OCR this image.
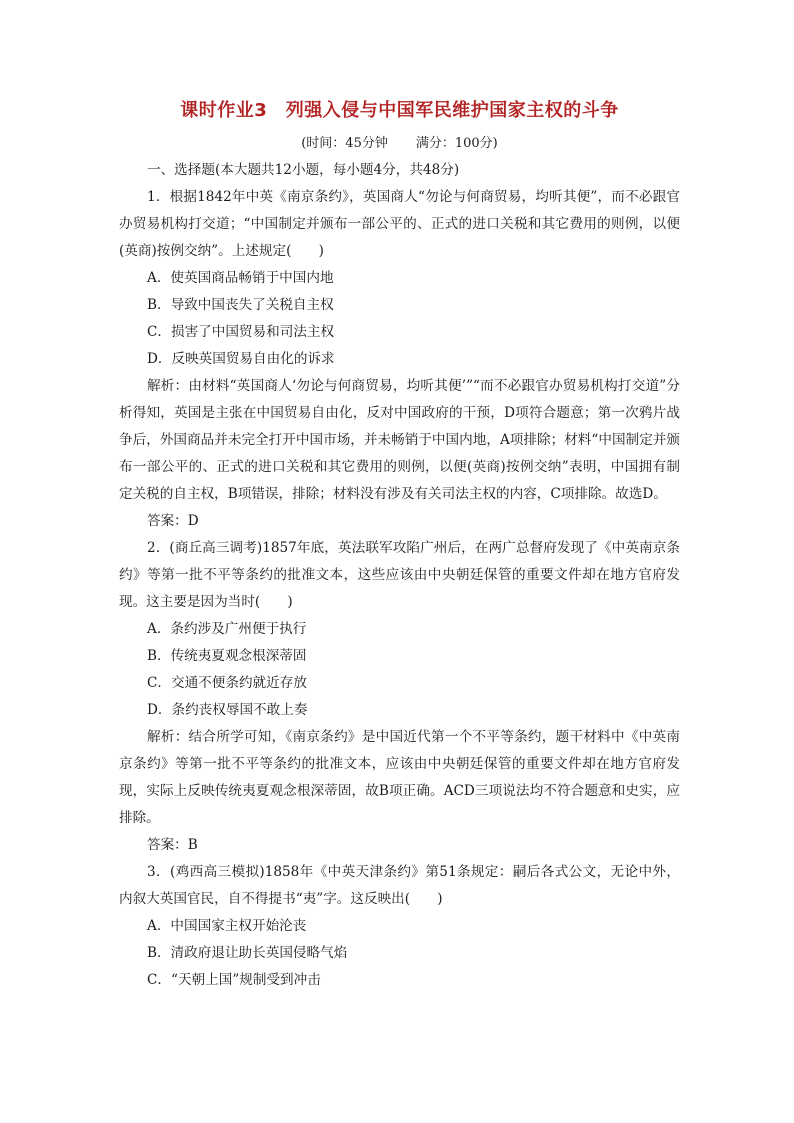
课时作业3　列强入侵与中国军民维护国家主权的斗争
(时间：45分钟 满分：100分)

一、选择题(本大题共12小题，每小题4分，共48分)

1．根据1842年中英《南京条约》，英国商人“勿论与何商贸易，均听其便”，而不必跟官办贸易机构打交道；“中国制定并颁布一部公平的、正式的进口关税和其它费用的则例，以便(英商)按例交纳”。上述规定(　　)

A．使英国商品畅销于中国内地

B．导致中国丧失了关税自主权

C．损害了中国贸易和司法主权

D．反映英国贸易自由化的诉求

解析：由材料“英国商人‘勿论与何商贸易，均听其便’”“而不必跟官办贸易机构打交道”分析得知，英国是主张在中国贸易自由化，反对中国政府的干预，D项符合题意；第一次鸦片战争后，外国商品并未完全打开中国市场，并未畅销于中国内地，A项排除；材料“中国制定并颁布一部公平的、正式的进口关税和其它费用的则例，以便(英商)按例交纳”表明，中国拥有制定关税的自主权，B项错误，排除；材料没有涉及有关司法主权的内容，C项排除。故选D。

答案：D

2．(商丘高三调考)1857年底，英法联军攻陷广州后，在两广总督府发现了《中英南京条约》等第一批不平等条约的批准文本，这些应该由中央朝廷保管的重要文件却在地方官府发现。这主要是因为当时(　　)

A．条约涉及广州便于执行

B．传统夷夏观念根深蒂固

C．交通不便条约就近存放

D．条约丧权辱国不敢上奏

解析：结合所学可知，《南京条约》是中国近代第一个不平等条约，题干材料中《中英南京条约》等第一批不平等条约的批准文本，应该由中央朝廷保管的重要文件却在地方官府发现，实际上反映传统夷夏观念根深蒂固，故B项正确。ACD三项说法均不符合题意和史实，应排除。

答案：B

3．(鸡西高三模拟)1858年《中英天津条约》第51条规定：嗣后各式公文，无论中外，内叙大英国官民，自不得提书“夷”字。这反映出(　　)

A．中国国家主权开始沦丧

B．清政府退让助长英国侵略气焰

C．“天朝上国”规制受到冲击
